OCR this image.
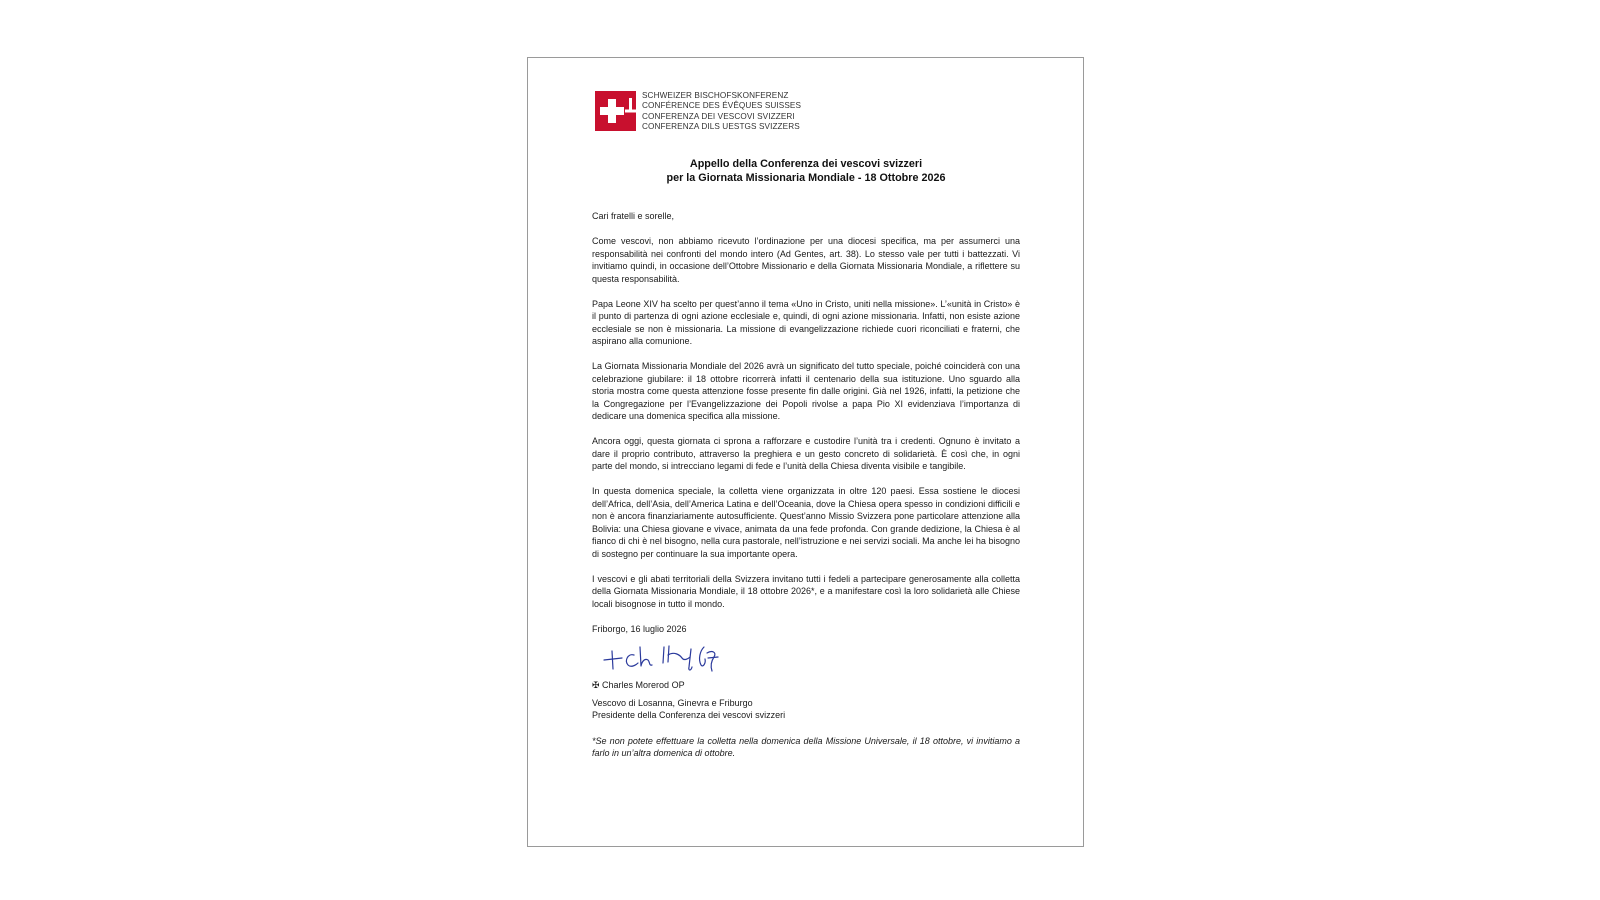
SCHWEIZER BISCHOFSKONFERENZ
CONFÉRENCE DES ÉVÊQUES SUISSES
CONFERENZA DEI VESCOVI SVIZZERI
CONFERENZA DILS UESTGS SVIZZERS
Appello della Conferenza dei vescovi svizzeri
per la Giornata Missionaria Mondiale - 18 Ottobre 2026

Cari fratelli e sorelle,

Come vescovi, non abbiamo ricevuto l’ordinazione per una diocesi specifica, ma per assumerci una responsabilità nei confronti del mondo intero (Ad Gentes, art. 38). Lo stesso vale per tutti i battezzati. Vi invitiamo quindi, in occasione dell’Ottobre Missionario e della Giornata Missionaria Mondiale, a riflettere su questa responsabilità.

Papa Leone XIV ha scelto per quest’anno il tema «Uno in Cristo, uniti nella missione». L’«unità in Cristo» è il punto di partenza di ogni azione ecclesiale e, quindi, di ogni azione missionaria. Infatti, non esiste azione ecclesiale se non è missionaria. La missione di evangelizzazione richiede cuori riconciliati e fraterni, che aspirano alla comunione.

La Giornata Missionaria Mondiale del 2026 avrà un significato del tutto speciale, poiché coinciderà con una celebrazione giubilare: il 18 ottobre ricorrerà infatti il centenario della sua istituzione. Uno sguardo alla storia mostra come questa attenzione fosse presente fin dalle origini. Già nel 1926, infatti, la petizione che la Congregazione per l’Evangelizzazione dei Popoli rivolse a papa Pio XI evidenziava l’importanza di dedicare una domenica specifica alla missione.

Ancora oggi, questa giornata ci sprona a rafforzare e custodire l’unità tra i credenti. Ognuno è invitato a dare il proprio contributo, attraverso la preghiera e un gesto concreto di solidarietà. È così che, in ogni parte del mondo, si intrecciano legami di fede e l’unità della Chiesa diventa visibile e tangibile.

In questa domenica speciale, la colletta viene organizzata in oltre 120 paesi. Essa sostiene le diocesi dell’Africa, dell’Asia, dell’America Latina e dell’Oceania, dove la Chiesa opera spesso in condizioni difficili e non è ancora finanziariamente autosufficiente. Quest’anno Missio Svizzera pone particolare attenzione alla Bolivia: una Chiesa giovane e vivace, animata da una fede profonda. Con grande dedizione, la Chiesa è al fianco di chi è nel bisogno, nella cura pastorale, nell’istruzione e nei servizi sociali. Ma anche lei ha bisogno di sostegno per continuare la sua importante opera.

I vescovi e gli abati territoriali della Svizzera invitano tutti i fedeli a partecipare generosamente alla colletta della Giornata Missionaria Mondiale, il 18 ottobre 2026*, e a manifestare così la loro solidarietà alle Chiese locali bisognose in tutto il mondo.

Friborgo, 16 luglio 2026

✠ Charles Morerod OP
Vescovo di Losanna, Ginevra e Friburgo
Presidente della Conferenza dei vescovi svizzeri
*Se non potete effettuare la colletta nella domenica della Missione Universale, il 18 ottobre, vi invitiamo a farlo in un’altra domenica di ottobre.
